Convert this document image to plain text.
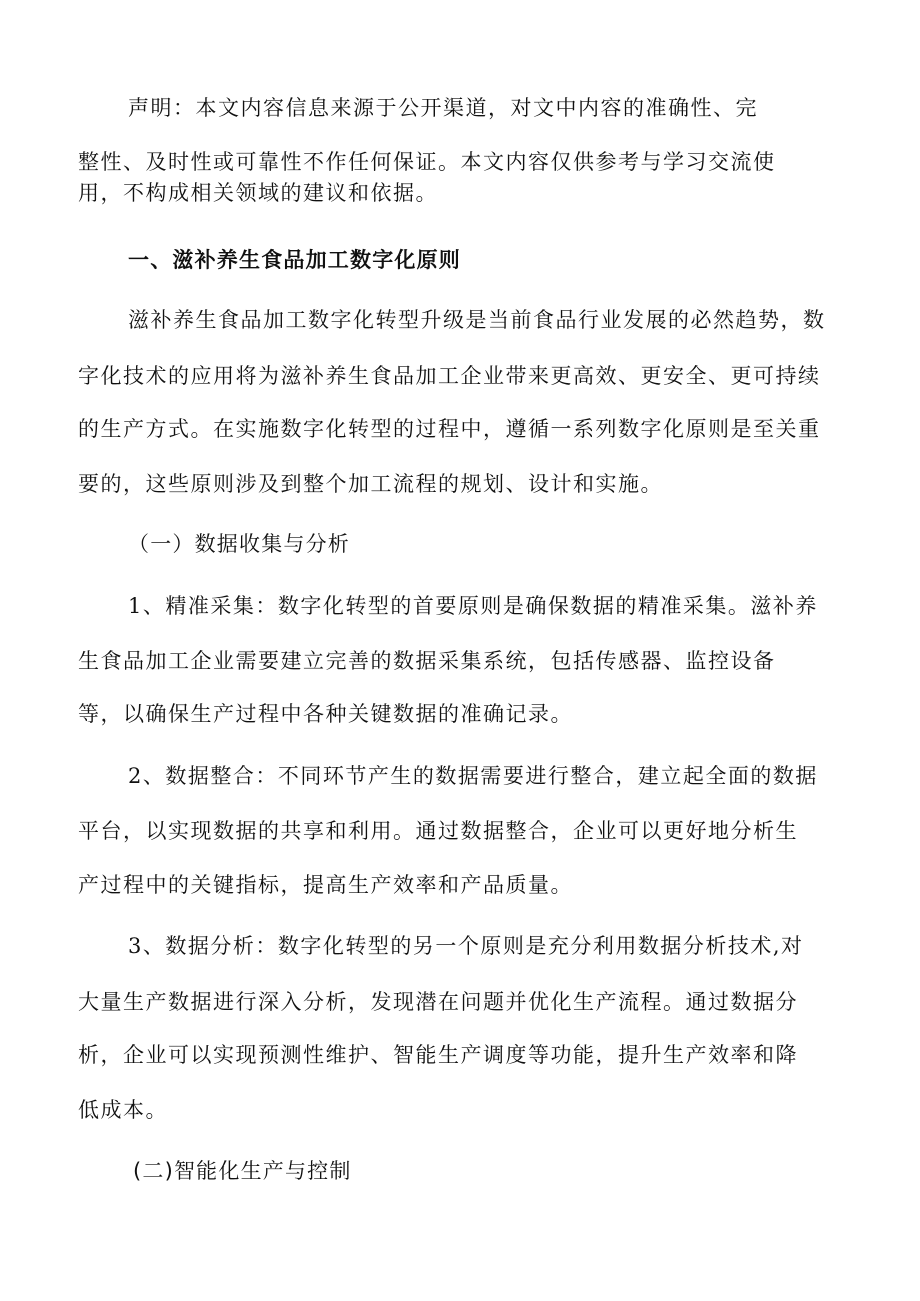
声明：本文内容信息来源于公开渠道，对文中内容的准确性、完
整性、及时性或可靠性不作任何保证。本文内容仅供参考与学习交流使
用，不构成相关领域的建议和依据。
一、滋补养生食品加工数字化原则
滋补养生食品加工数字化转型升级是当前食品行业发展的必然趋势，数
字化技术的应用将为滋补养生食品加工企业带来更高效、更安全、更可持续
的生产方式。在实施数字化转型的过程中，遵循一系列数字化原则是至关重
要的，这些原则涉及到整个加工流程的规划、设计和实施。
（一）数据收集与分析
1、精准采集：数字化转型的首要原则是确保数据的精准采集。滋补养
生食品加工企业需要建立完善的数据采集系统，包括传感器、监控设备
等，以确保生产过程中各种关键数据的准确记录。
2、数据整合：不同环节产生的数据需要进行整合，建立起全面的数据
平台，以实现数据的共享和利用。通过数据整合，企业可以更好地分析生
产过程中的关键指标，提高生产效率和产品质量。
3、数据分析：数字化转型的另一个原则是充分利用数据分析技术,对
大量生产数据进行深入分析，发现潜在问题并优化生产流程。通过数据分
析，企业可以实现预测性维护、智能生产调度等功能，提升生产效率和降
低成本。
(二)智能化生产与控制
